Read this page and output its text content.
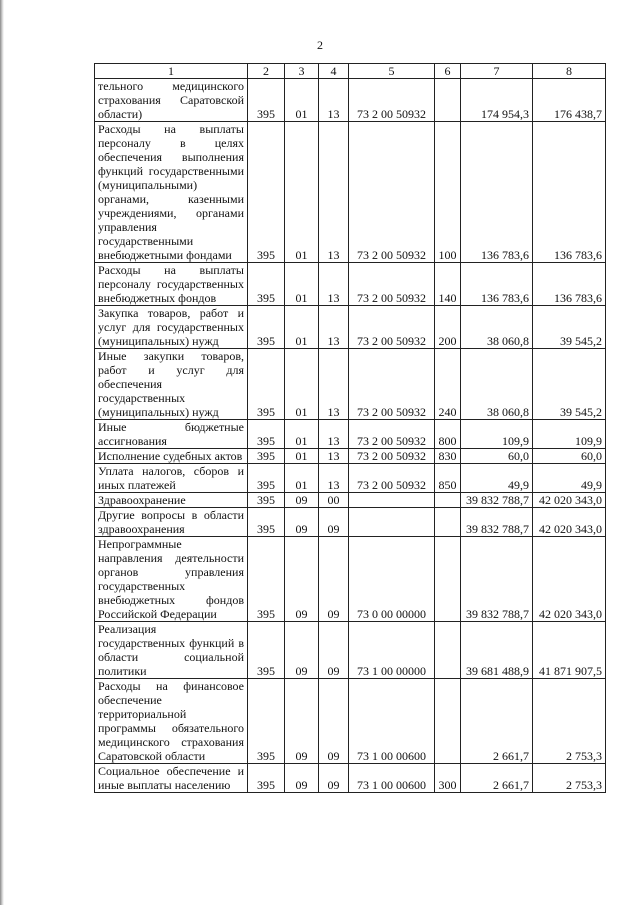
2
1	2	3	4	5	6	7	8
тельного медицинского страхования Саратовской области)	395	01	13	73 2 00 50932		174 954,3	176 438,7
Расходы на выплаты персоналу в целях обеспечения выполнения функций государственными (муниципальными) органами, казенными учреждениями, органами управления государственными внебюджетными фондами	395	01	13	73 2 00 50932	100	136 783,6	136 783,6
Расходы на выплаты персоналу государственных внебюджетных фондов	395	01	13	73 2 00 50932	140	136 783,6	136 783,6
Закупка товаров, работ и услуг для государственных (муниципальных) нужд	395	01	13	73 2 00 50932	200	38 060,8	39 545,2
Иные закупки товаров, работ и услуг для обеспечения государственных (муниципальных) нужд	395	01	13	73 2 00 50932	240	38 060,8	39 545,2
Иные бюджетные ассигнования	395	01	13	73 2 00 50932	800	109,9	109,9
Исполнение судебных актов	395	01	13	73 2 00 50932	830	60,0	60,0
Уплата налогов, сборов и иных платежей	395	01	13	73 2 00 50932	850	49,9	49,9
Здравоохранение	395	09	00			39 832 788,7	42 020 343,0
Другие вопросы в области здравоохранения	395	09	09			39 832 788,7	42 020 343,0
Непрограммные направления деятельности органов управления государственных внебюджетных фондов Российской Федерации	395	09	09	73 0 00 00000		39 832 788,7	42 020 343,0
Реализация государственных функций в области социальной политики	395	09	09	73 1 00 00000		39 681 488,9	41 871 907,5
Расходы на финансовое обеспечение территориальной программы обязательного медицинского страхования Саратовской области	395	09	09	73 1 00 00600		2 661,7	2 753,3
Социальное обеспечение и иные выплаты населению	395	09	09	73 1 00 00600	300	2 661,7	2 753,3
